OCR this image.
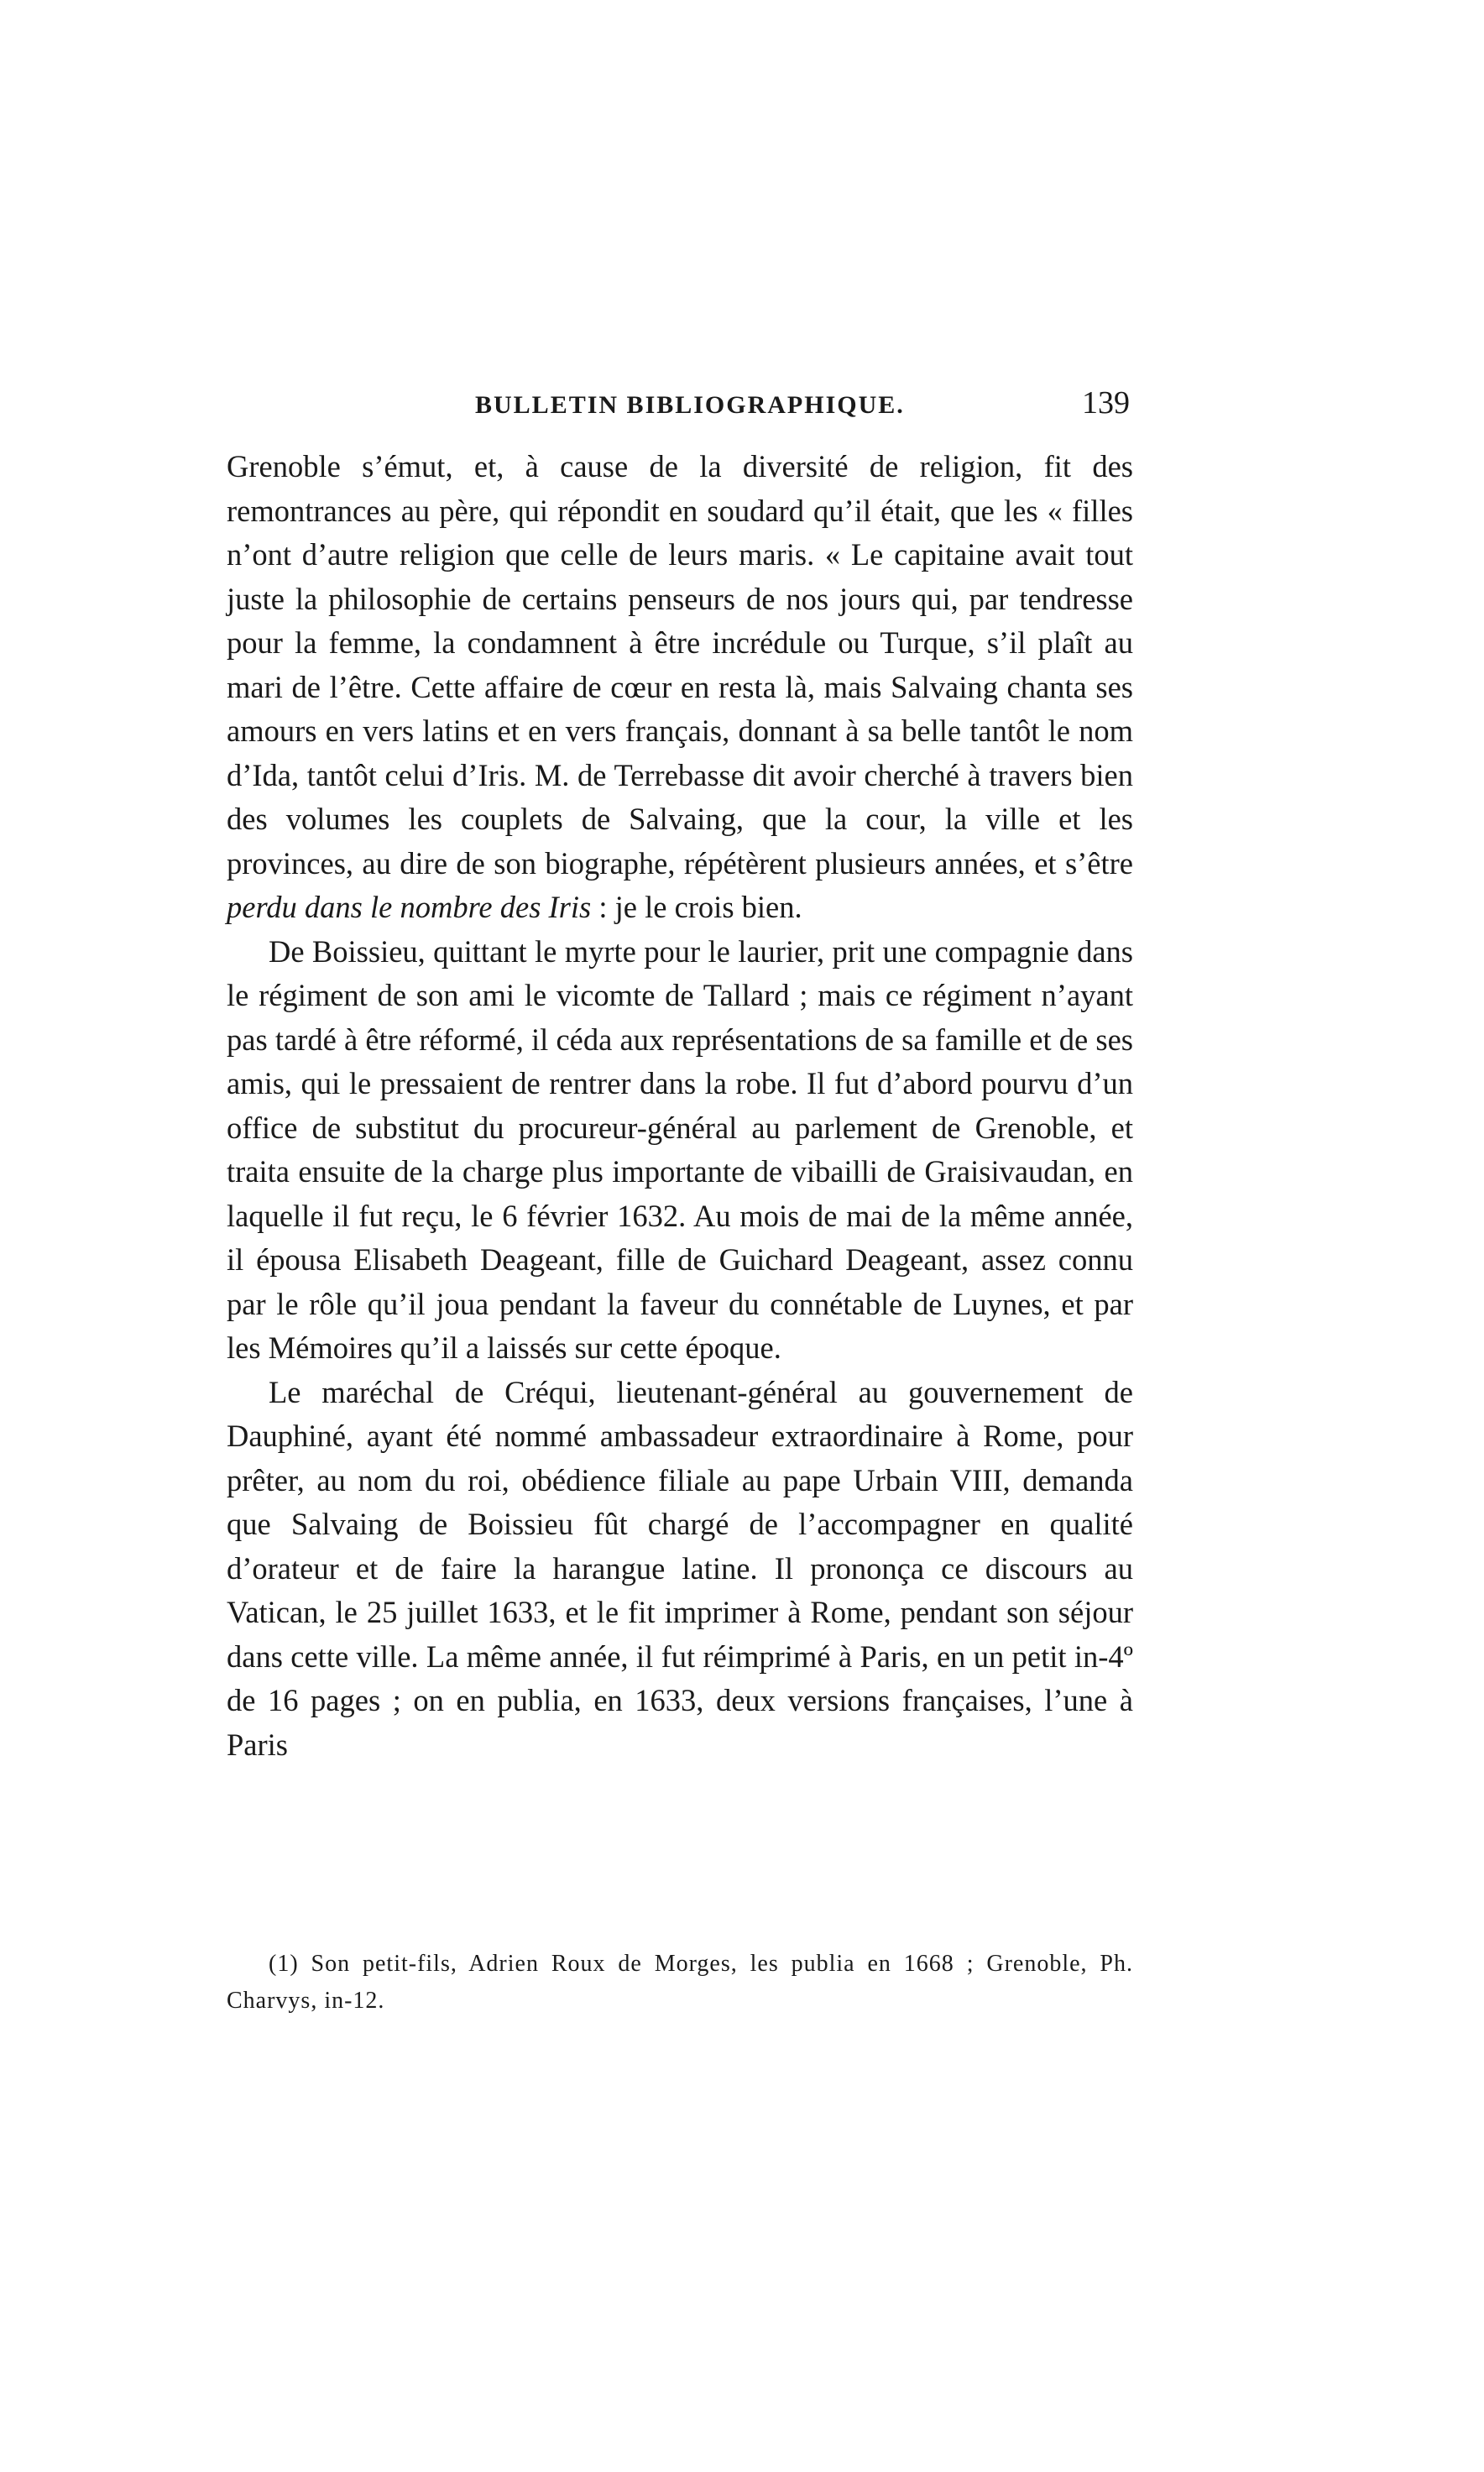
BULLETIN BIBLIOGRAPHIQUE.	139

Grenoble s’émut, et, à cause de la diversité de religion, fit des remontrances au père, qui répondit en soudard qu’il était, que les « filles n’ont d’autre religion que celle de leurs maris. « Le capitaine avait tout juste la philosophie de certains penseurs de nos jours qui, par tendresse pour la femme, la condamnent à être incrédule ou Turque, s’il plaît au mari de l’être. Cette affaire de cœur en resta là, mais Salvaing chanta ses amours en vers latins et en vers français, donnant à sa belle tantôt le nom d’Ida, tantôt celui d’Iris. M. de Terrebasse dit avoir cherché à travers bien des volumes les couplets de Salvaing, que la cour, la ville et les provinces, au dire de son biographe, répétèrent plusieurs années, et s’être perdu dans le nombre des Iris : je le crois bien.

De Boissieu, quittant le myrte pour le laurier, prit une compagnie dans le régiment de son ami le vicomte de Tallard ; mais ce régiment n’ayant pas tardé à être réformé, il céda aux représentations de sa famille et de ses amis, qui le pressaient de rentrer dans la robe. Il fut d’abord pourvu d’un office de substitut du procureur-général au parlement de Grenoble, et traita ensuite de la charge plus importante de vibailli de Graisivaudan, en laquelle il fut reçu, le 6 février 1632. Au mois de mai de la même année, il épousa Elisabeth Deageant, fille de Guichard Deageant, assez connu par le rôle qu’il joua pendant la faveur du connétable de Luynes, et par les Mémoires qu’il a laissés sur cette époque.

Le maréchal de Créqui, lieutenant-général au gouvernement de Dauphiné, ayant été nommé ambassadeur extraordinaire à Rome, pour prêter, au nom du roi, obédience filiale au pape Urbain VIII, demanda que Salvaing de Boissieu fût chargé de l’accompagner en qualité d’orateur et de faire la harangue latine. Il prononça ce discours au Vatican, le 25 juillet 1633, et le fit imprimer à Rome, pendant son séjour dans cette ville. La même année, il fut réimprimé à Paris, en un petit in-4º de 16 pages ; on en publia, en 1633, deux versions françaises, l’une à Paris

(1) Son petit-fils, Adrien Roux de Morges, les publia en 1668 ; Grenoble, Ph. Charvys, in-12.
